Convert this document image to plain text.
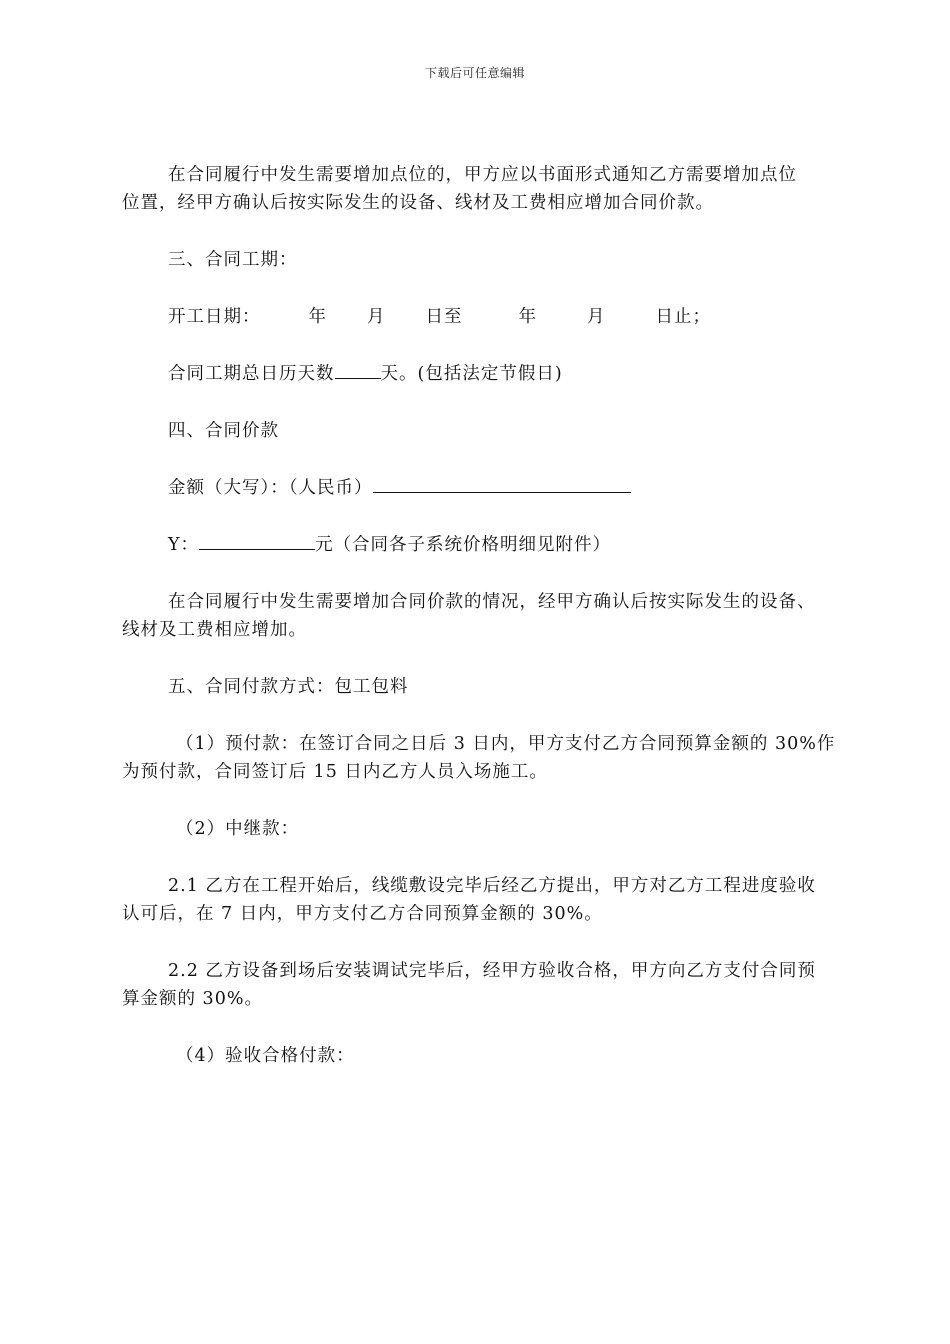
下载后可任意编辑

在合同履行中发生需要增加点位的，甲方应以书面形式通知乙方需要增加点位

位置，经甲方确认后按实际发生的设备、线材及工费相应增加合同价款。

三、合同工期：

开工日期：	年 月 日至	年	月	日止；

合同工期总日历天数	天。(包括法定节假日)

四、合同价款

金额（大写）：（人民币）

Y：	元（合同各子系统价格明细见附件）

在合同履行中发生需要增加合同价款的情况，经甲方确认后按实际发生的设备、

线材及工费相应增加。

五、合同付款方式：包工包料

（1）预付款：在签订合同之日后 3 日内，甲方支付乙方合同预算金额的 30%作

为预付款，合同签订后 15 日内乙方人员入场施工。

（2）中继款：

2.1 乙方在工程开始后，线缆敷设完毕后经乙方提出，甲方对乙方工程进度验收

认可后，在 7 日内，甲方支付乙方合同预算金额的 30%。

2.2 乙方设备到场后安装调试完毕后，经甲方验收合格，甲方向乙方支付合同预

算金额的 30%。

（4）验收合格付款：
